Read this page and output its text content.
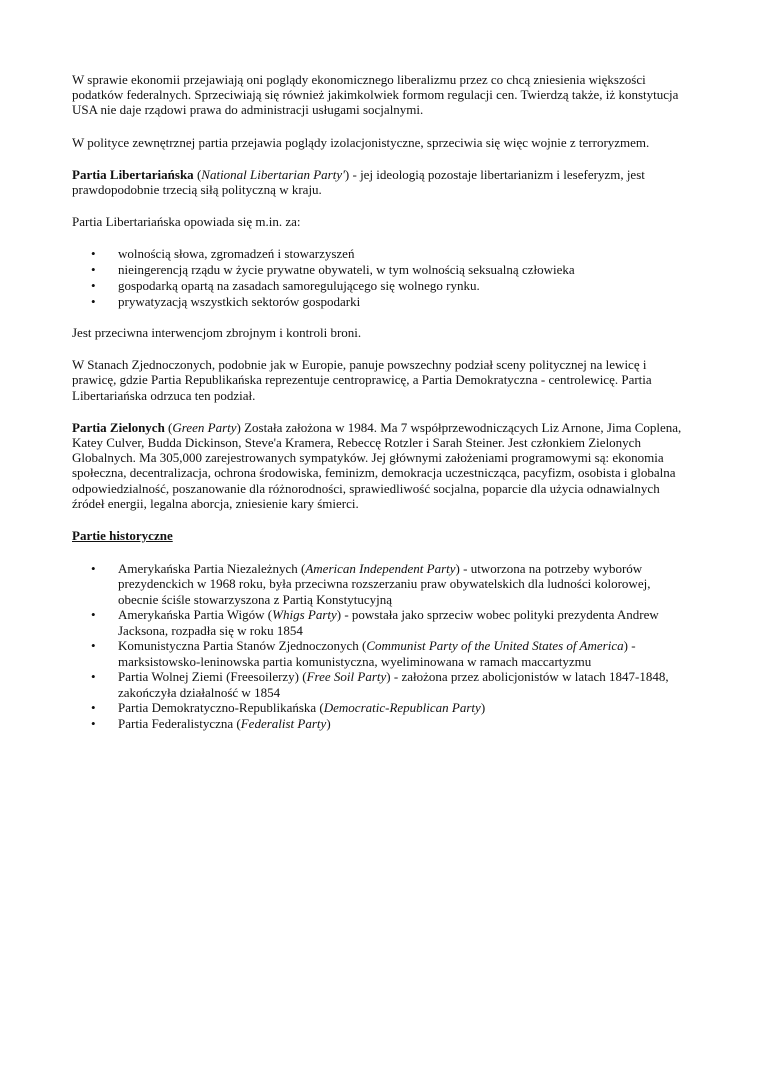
W sprawie ekonomii przejawiają oni poglądy ekonomicznego liberalizmu przez co chcą zniesienia większości podatków federalnych. Sprzeciwiają się również jakimkolwiek formom regulacji cen. Twierdzą także, iż konstytucja USA nie daje rządowi prawa do administracji usługami socjalnymi.

W polityce zewnętrznej partia przejawia poglądy izolacjonistyczne, sprzeciwia się więc wojnie z terroryzmem.

Partia Libertariańska (National Libertarian Party') - jej ideologią pozostaje libertarianizm i leseferyzm, jest prawdopodobnie trzecią siłą polityczną w kraju.

Partia Libertariańska opowiada się m.in. za:

• wolnością słowa, zgromadzeń i stowarzyszeń
• nieingerencją rządu w życie prywatne obywateli, w tym wolnością seksualną człowieka
• gospodarką opartą na zasadach samoregulującego się wolnego rynku.
• prywatyzacją wszystkich sektorów gospodarki

Jest przeciwna interwencjom zbrojnym i kontroli broni.

W Stanach Zjednoczonych, podobnie jak w Europie, panuje powszechny podział sceny politycznej na lewicę i prawicę, gdzie Partia Republikańska reprezentuje centroprawicę, a Partia Demokratyczna - centrolewicę. Partia Libertariańska odrzuca ten podział.

Partia Zielonych (Green Party) Została założona w 1984. Ma 7 współprzewodniczących Liz Arnone, Jima Coplena, Katey Culver, Budda Dickinson, Steve'a Kramera, Rebeccę Rotzler i Sarah Steiner. Jest członkiem Zielonych Globalnych. Ma 305,000 zarejestrowanych sympatyków. Jej głównymi założeniami programowymi są: ekonomia społeczna, decentralizacja, ochrona środowiska, feminizm, demokracja uczestnicząca, pacyfizm, osobista i globalna odpowiedzialność, poszanowanie dla różnorodności, sprawiedliwość socjalna, poparcie dla użycia odnawialnych źródeł energii, legalna aborcja, zniesienie kary śmierci.

Partie historyczne

• Amerykańska Partia Niezależnych (American Independent Party) - utworzona na potrzeby wyborów prezydenckich w 1968 roku, była przeciwna rozszerzaniu praw obywatelskich dla ludności kolorowej, obecnie ściśle stowarzyszona z Partią Konstytucyjną
• Amerykańska Partia Wigów (Whigs Party) - powstała jako sprzeciw wobec polityki prezydenta Andrew Jacksona, rozpadła się w roku 1854
• Komunistyczna Partia Stanów Zjednoczonych (Communist Party of the United States of America) - marksistowsko-leninowska partia komunistyczna, wyeliminowana w ramach maccartyzmu
• Partia Wolnej Ziemi (Freesoilerzy) (Free Soil Party) - założona przez abolicjonistów w latach 1847-1848, zakończyła działalność w 1854
• Partia Demokratyczno-Republikańska (Democratic-Republican Party)
• Partia Federalistyczna (Federalist Party)
